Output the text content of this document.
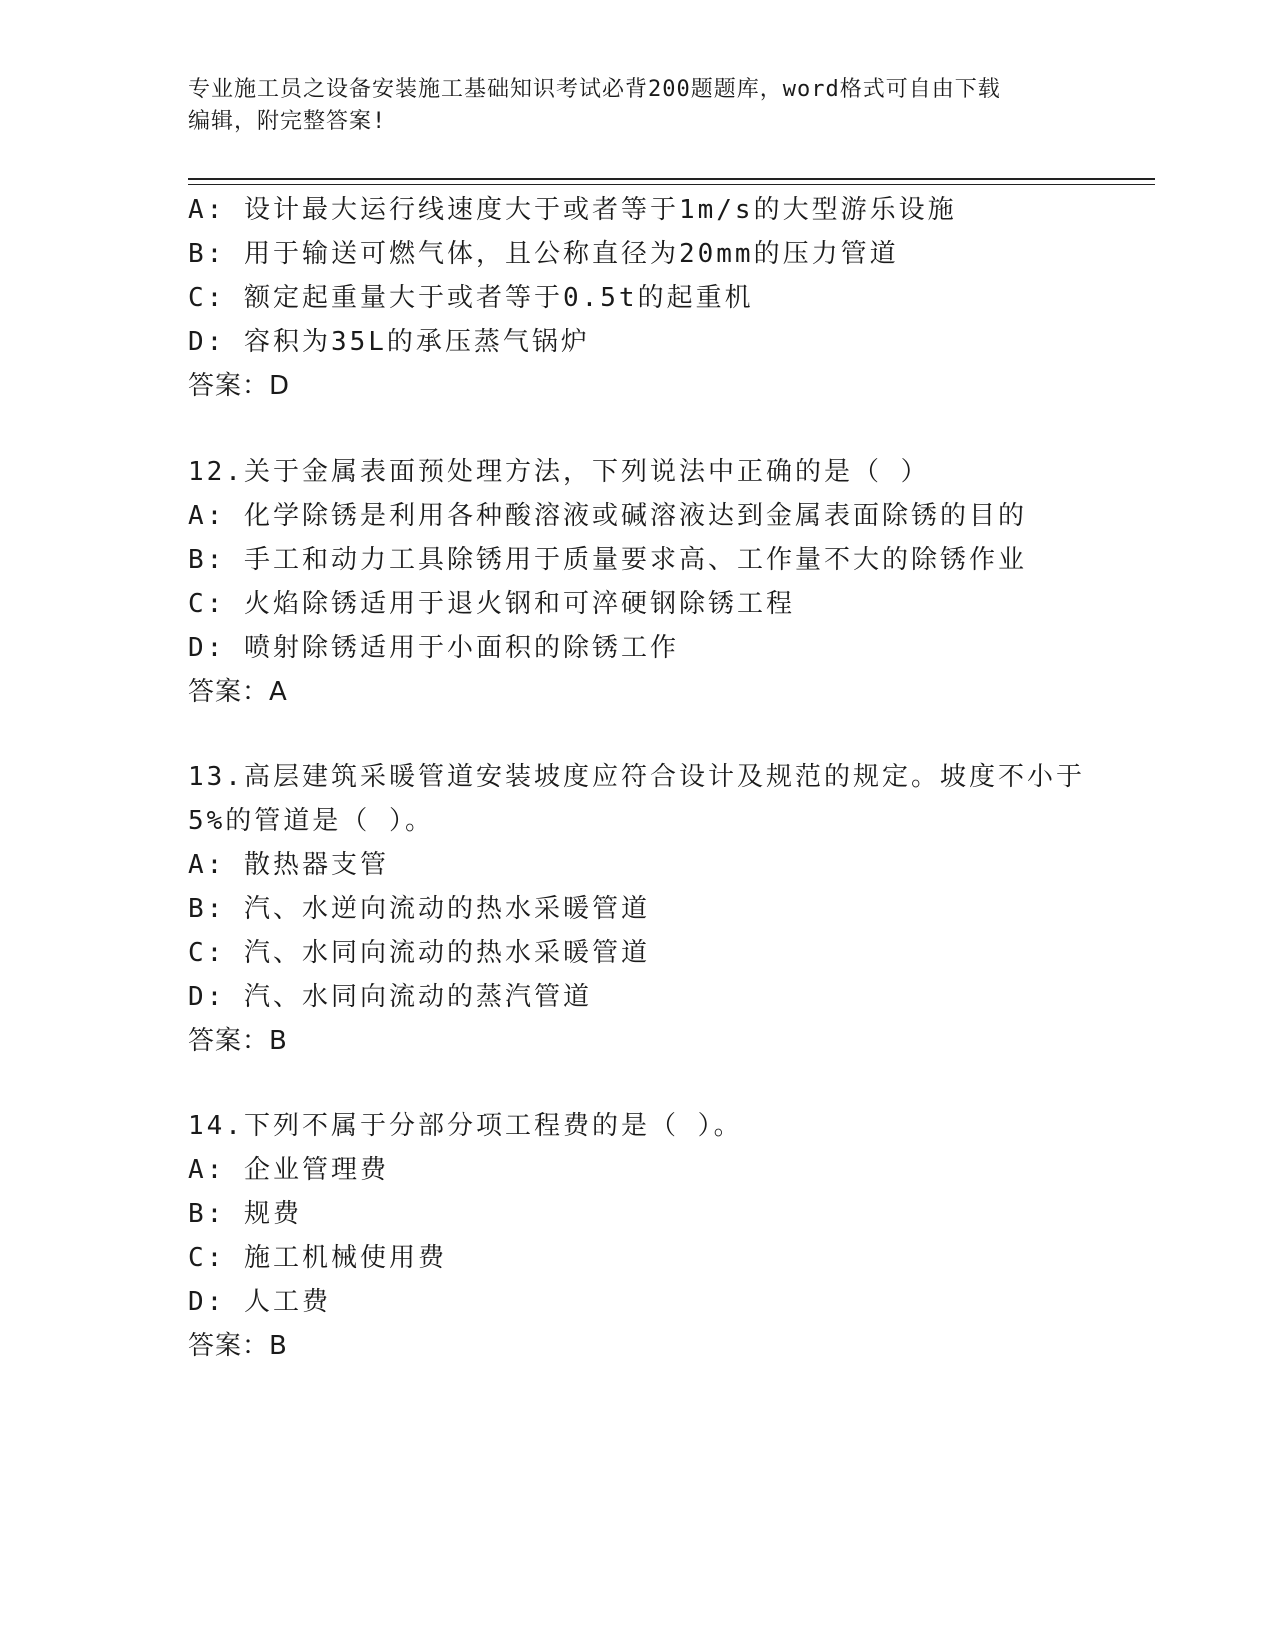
专业施工员之设备安装施工基础知识考试必背200题题库，word格式可自由下载
编辑，附完整答案!
A: 设计最大运行线速度大于或者等于1m/s的大型游乐设施
B: 用于输送可燃气体，且公称直径为20mm的压力管道
C: 额定起重量大于或者等于0.5t的起重机
D: 容积为35L的承压蒸气锅炉
答案：D
12.关于金属表面预处理方法，下列说法中正确的是（ ）
A: 化学除锈是利用各种酸溶液或碱溶液达到金属表面除锈的目的
B: 手工和动力工具除锈用于质量要求高、工作量不大的除锈作业
C: 火焰除锈适用于退火钢和可淬硬钢除锈工程
D: 喷射除锈适用于小面积的除锈工作
答案：A
13.高层建筑采暖管道安装坡度应符合设计及规范的规定。坡度不小于
5%的管道是（ ）。
A: 散热器支管
B: 汽、水逆向流动的热水采暖管道
C: 汽、水同向流动的热水采暖管道
D: 汽、水同向流动的蒸汽管道
答案：B
14.下列不属于分部分项工程费的是（ ）。
A: 企业管理费
B: 规费
C: 施工机械使用费
D: 人工费
答案：B
